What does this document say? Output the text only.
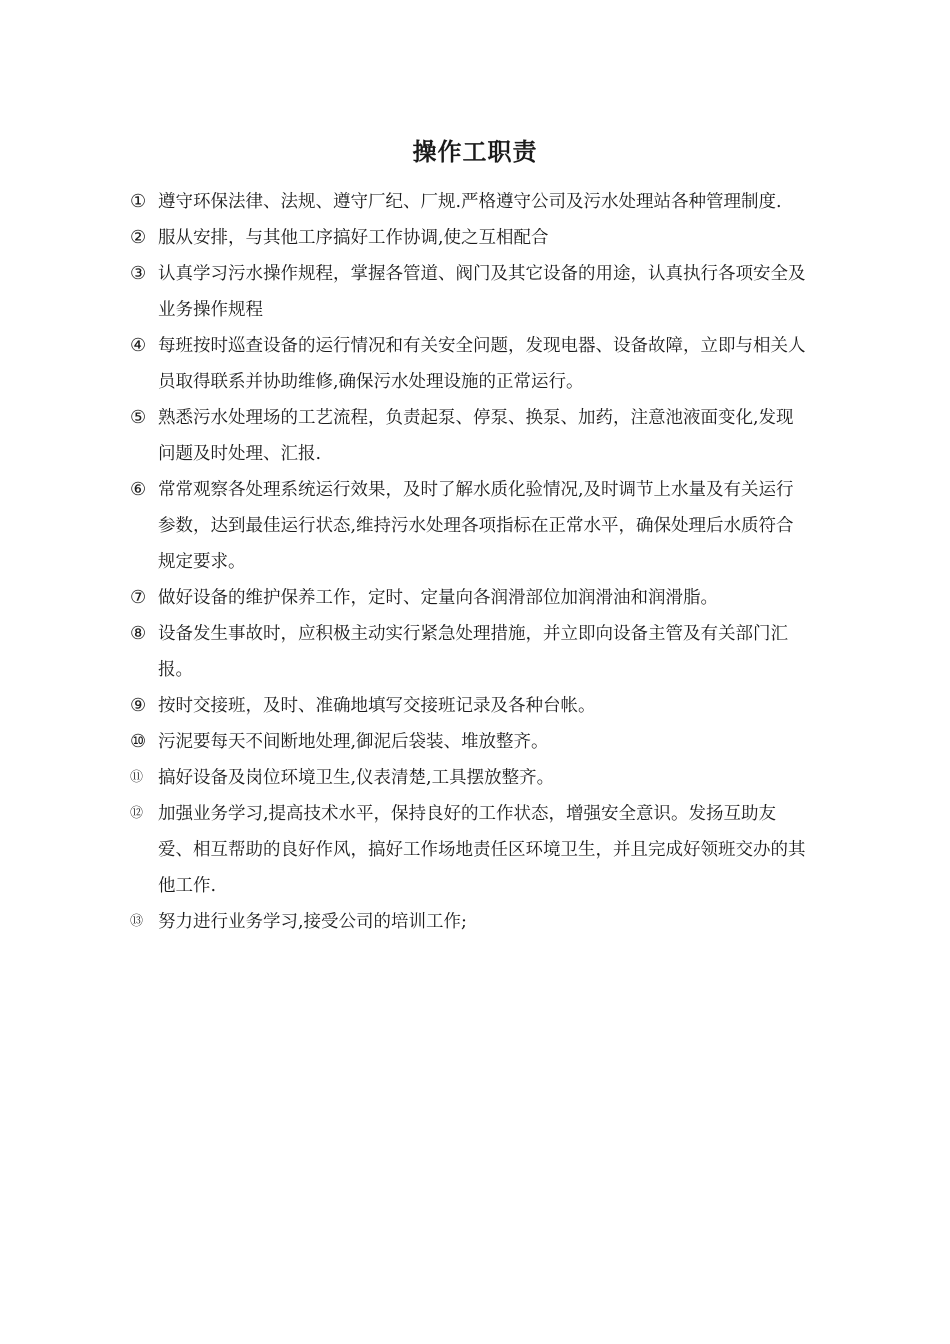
操作工职责
① 遵守环保法律、法规、遵守厂纪、厂规.严格遵守公司及污水处理站各种管理制度.
② 服从安排，与其他工序搞好工作协调,使之互相配合
③ 认真学习污水操作规程，掌握各管道、阀门及其它设备的用途，认真执行各项安全及业务操作规程
④ 每班按时巡查设备的运行情况和有关安全问题，发现电器、设备故障，立即与相关人员取得联系并协助维修,确保污水处理设施的正常运行。
⑤ 熟悉污水处理场的工艺流程，负责起泵、停泵、换泵、加药，注意池液面变化,发现问题及时处理、汇报.
⑥ 常常观察各处理系统运行效果，及时了解水质化验情况,及时调节上水量及有关运行参数，达到最佳运行状态,维持污水处理各项指标在正常水平，确保处理后水质符合规定要求。
⑦ 做好设备的维护保养工作，定时、定量向各润滑部位加润滑油和润滑脂。
⑧ 设备发生事故时，应积极主动实行紧急处理措施，并立即向设备主管及有关部门汇报。
⑨ 按时交接班，及时、准确地填写交接班记录及各种台帐。
⑩ 污泥要每天不间断地处理,御泥后袋装、堆放整齐。
⑪ 搞好设备及岗位环境卫生,仪表清楚,工具摆放整齐。
⑫ 加强业务学习,提高技术水平，保持良好的工作状态，增强安全意识。发扬互助友爱、相互帮助的良好作风，搞好工作场地责任区环境卫生，并且完成好领班交办的其他工作.
⑬ 努力进行业务学习,接受公司的培训工作;
